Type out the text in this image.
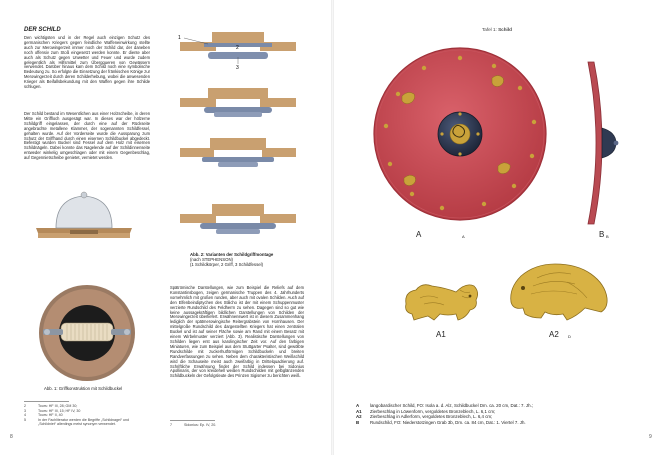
DER SCHILD

Den wichtigsten und in der Regel auch einzigen Schutz des germanischen Kriegers gegen feindliche Waffeneinwirkung stellte auch zur Merowingerzeit immer noch der Schild dar, der daneben noch offensiv zum Stoß eingesetzt werden konnte. Er diente aber auch als Schutz gegen Unwetter und Feuer und wurde zudem gelegentlich als Hilfsmittel zum Übergqueren von Gewässern verwendet. Darüber hinaus kam dem Schild noch eine symbolische Bedeutung zu. So erfolgte die Einsetzung der fränkischen Könige zur Merowingerzeit durch deren Schilderhebung, wobei die anwesenden Krieger als Beifallsbekundung mit den Waffen gegen ihre Schilde schlugen.

Der Schild bestand im Wesentlichen aus einer Holzscheibe, in deren Mitte ein Griffloch ausgesägt war. In dieses war der hölzerne Schildgriff eingelassen, der durch eine auf der Rückseite angebrachte metallene Klammer, der sogenannten Schildfessel, gehalten wurde. Auf der Vorderseite wurde die Aussparung zum Schutz der Griffhand durch einen eisernen Schildbuckel abgedeckt. Befestigt wurden Buckel sind Fessel auf dem Holz mit eisernen Schildnägeln. Dabei konnte das Nagelende auf der Schildinnenseite entweder winkelig umgeschlagen oder mit einem Gegenbeschlag, auf Gegennietscheibe genietet, vernietet werden.

Abb. 1: Griffkonstruktion mit Schildbuckel
2	Tours: HF III, 28; GM 30;
3	Tours: HF III, 15; HF IV, 30
4	Tours: HF II, 40
5	In der Fachliteratur werden die Begriffe „Schildnagel“ und „Schildniet“ allerdings meist synonym verwendet.
1
2
3
Abb. 2: Varianten der Schildgriffmontage
(nach STEPHENSON)
(1 Schildkörper, 2 Griff, 3 Schildfessel)

Spätrömische Darstellungen, wie zum Beispiel die Reliefs auf dem Konstantinsbogen, zeigen germanische Truppen des 4. Jahrhunderts vornehmlich mit großen runden, aber auch mit ovalen Schilden. Auch auf den Elfenbeindiptychen des Stilicho ist der mit einem Schuppenmuster verzierte Rundschild des Feldherrn zu sehen. Dagegen sind so gut wie keine aussagekräftigen bildlichen Darstellungen von Schilden der Merowingerzeit überliefert. Erwähnenswert ist in diesem Zusammenhang lediglich der spätmerowingische Reitergrabstein von Hornhausen. Der mittelgroße Rundschild des dargestellten Kriegers hat einen zentralen Buckel und ist auf seiner Fläche sowie am Rand mit einem Besatz mit einem Wirbelmuster verziert (Abb. 3). Realistische Darstellungen von Schilden liegen erst aus karolingischer Zeit vor. Auf den farbigen Miniaturen, wie zum Beispiel aus dem Stuttgarter Psalter, sind gewölbte Rundschilde mit zuckerhutförmigen Schildbuckeln und breiten Randverfassungen zu sehen. Neben dem charakteristischen Weißschild wird die Schauseite meist auch zweifarbig in Drittelquadrierung auf. Schriftliche Erwähnung findet der Schild indessen bei Sidonius Apollinaris, der von kreidehell weißen Rundschilden mit gelbglänzenden Schildbuckeln der Gefolgsleute des Prinzen Sigismer zu berichten weiß.

7	Sidonius: Ep. IV, 20.
8
Tafel 1: Schild
A	A	B B
A1	A2 D
A	langobardischer Schild, FO: Isola a. d. Alz, Schildbuckel Dm. ca. 20 cm, Dat.: 7. Jh.;
A1	Zierbeschlag in Löwenform, vergoldetes Bronzeblech, L. 6,1 cm;
A2	Zierbeschlag in Adlerform, vergoldetes Bronzeblech, L. 6,4 cm;
B	Rundschild, FO: Niederstotzingen Grab 3b, Dm. ca. 84 cm, Dat.: 1. Viertel 7. Jh.
9
